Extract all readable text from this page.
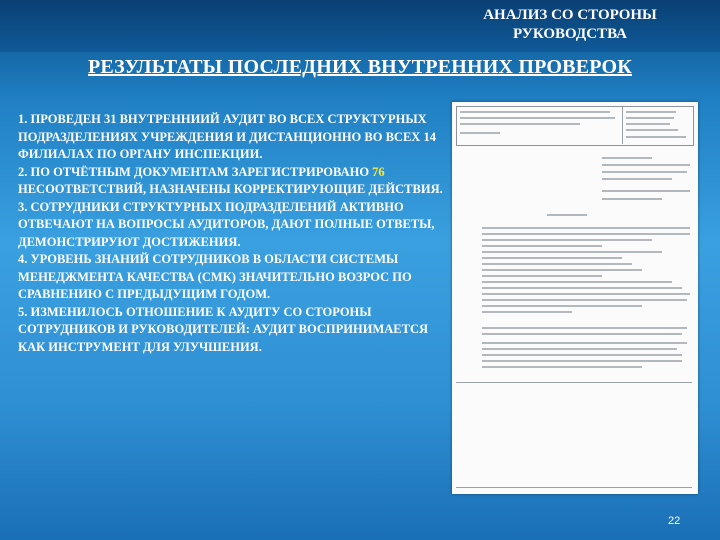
АНАЛИЗ СО СТОРОНЫ
РУКОВОДСТВА
РЕЗУЛЬТАТЫ ПОСЛЕДНИХ ВНУТРЕННИХ ПРОВЕРОК

1. ПРОВЕДЕН 31 ВНУТРЕННИИЙ АУДИТ ВО ВСЕХ СТРУКТУРНЫХ ПОДРАЗДЕЛЕНИЯХ УЧРЕЖДЕНИЯ И ДИСТАНЦИОННО ВО ВСЕХ 14 ФИЛИАЛАХ ПО ОРГАНУ ИНСПЕКЦИИ.

2. ПО ОТЧЁТНЫМ ДОКУМЕНТАМ ЗАРЕГИСТРИРОВАНО 76 НЕСООТВЕТСТВИЙ, НАЗНАЧЕНЫ КОРРЕКТИРУЮЩИЕ ДЕЙСТВИЯ.

3. СОТРУДНИКИ СТРУКТУРНЫХ ПОДРАЗДЕЛЕНИЙ АКТИВНО ОТВЕЧАЮТ НА ВОПРОСЫ АУДИТОРОВ, ДАЮТ ПОЛНЫЕ ОТВЕТЫ, ДЕМОНСТРИРУЮТ ДОСТИЖЕНИЯ.

4. УРОВЕНЬ ЗНАНИЙ СОТРУДНИКОВ В ОБЛАСТИ СИСТЕМЫ МЕНЕДЖМЕНТА КАЧЕСТВА (СМК) ЗНАЧИТЕЛЬНО ВОЗРОС ПО СРАВНЕНИЮ С ПРЕДЫДУЩИМ ГОДОМ.

5. ИЗМЕНИЛОСЬ ОТНОШЕНИЕ К АУДИТУ СО СТОРОНЫ СОТРУДНИКОВ И РУКОВОДИТЕЛЕЙ: АУДИТ ВОСПРИНИМАЕТСЯ КАК ИНСТРУМЕНТ ДЛЯ УЛУЧШЕНИЯ.

22
